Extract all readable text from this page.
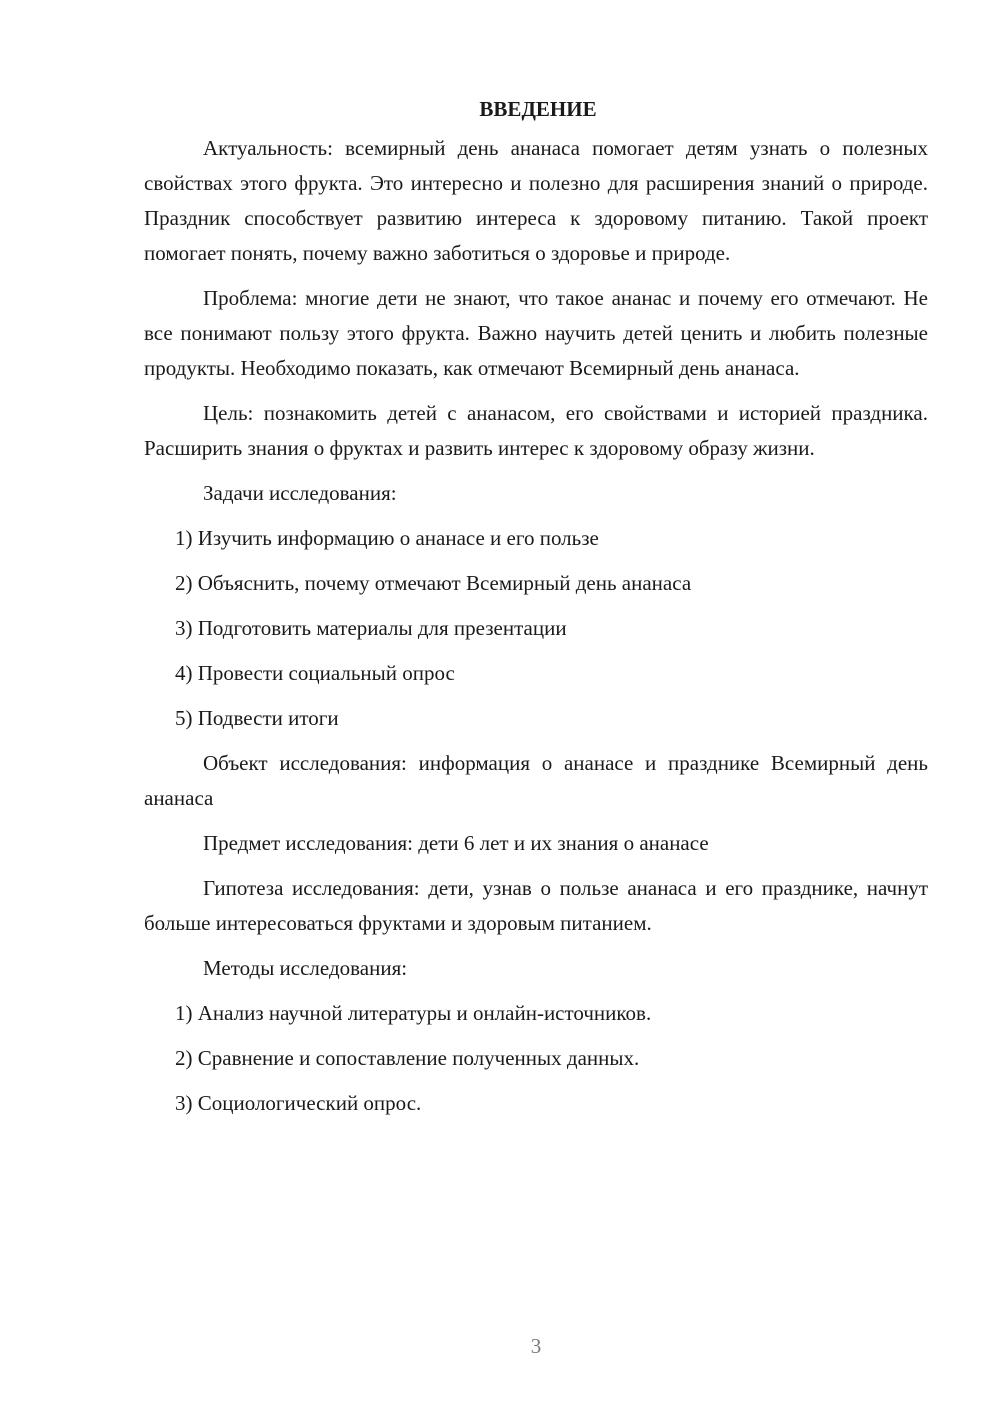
ВВЕДЕНИЕ

Актуальность: всемирный день ананаса помогает детям узнать о полезных свойствах этого фрукта. Это интересно и полезно для расширения знаний о природе. Праздник способствует развитию интереса к здоровому питанию. Такой проект помогает понять, почему важно заботиться о здоровье и природе.

Проблема: многие дети не знают, что такое ананас и почему его отмечают. Не все понимают пользу этого фрукта. Важно научить детей ценить и любить полезные продукты. Необходимо показать, как отмечают Всемирный день ананаса.

Цель: познакомить детей с ананасом, его свойствами и историей праздника. Расширить знания о фруктах и развить интерес к здоровому образу жизни.

Задачи исследования:

1) Изучить информацию о ананасе и его пользе
2) Объяснить, почему отмечают Всемирный день ананаса
3) Подготовить материалы для презентации
4) Провести социальный опрос
5) Подвести итоги

Объект исследования: информация о ананасе и празднике Всемирный день ананаса

Предмет исследования: дети 6 лет и их знания о ананасе

Гипотеза исследования: дети, узнав о пользе ананаса и его празднике, начнут больше интересоваться фруктами и здоровым питанием.

Методы исследования:

1) Анализ научной литературы и онлайн-источников.
2) Сравнение и сопоставление полученных данных.
3) Социологический опрос.
3
